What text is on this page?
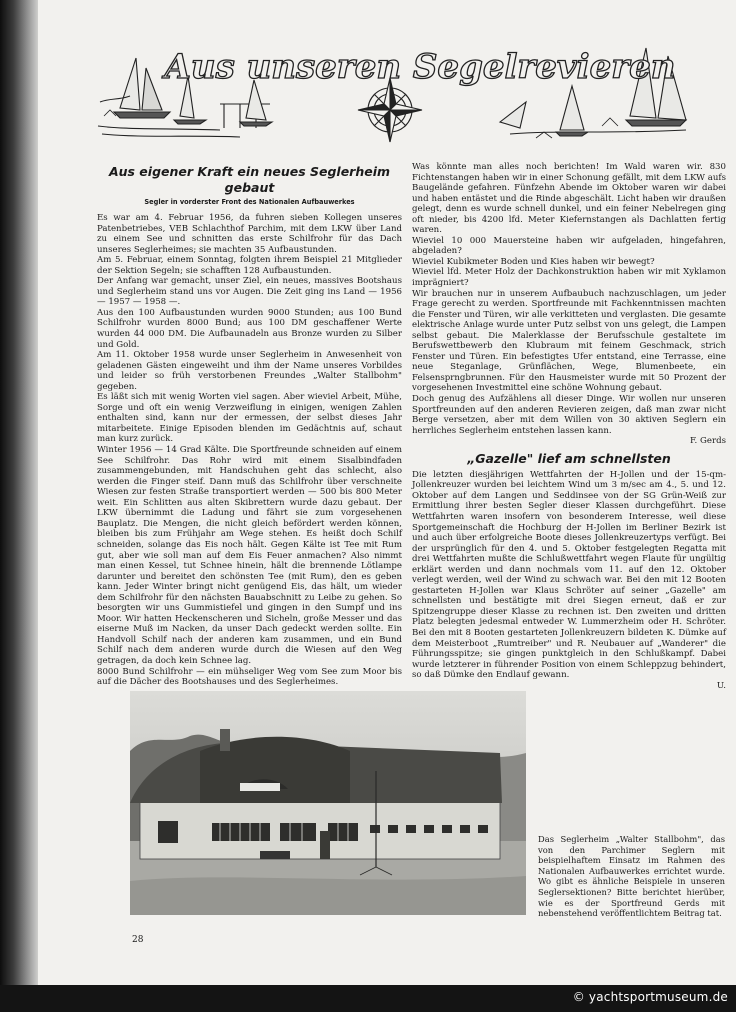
Aus unseren Segelrevieren
Aus eigener Kraft ein neues Seglerheim gebaut
Segler in vorderster Front des Nationalen Aufbauwerkes

Es war am 4. Februar 1956, da fuhren sieben Kollegen unseres Patenbetriebes, VEB Schlachthof Parchim, mit dem LKW über Land zu einem See und schnitten das erste Schilfrohr für das Dach unseres Seglerheimes; sie machten 35 Aufbaustunden.

Am 5. Februar, einem Sonntag, folgten ihrem Beispiel 21 Mitglieder der Sektion Segeln; sie schafften 128 Aufbaustunden.

Der Anfang war gemacht, unser Ziel, ein neues, massives Bootshaus und Seglerheim stand uns vor Augen. Die Zeit ging ins Land — 1956 — 1957 — 1958 —.

Aus den 100 Aufbaustunden wurden 9000 Stunden; aus 100 Bund Schilfrohr wurden 8000 Bund; aus 100 DM geschaffener Werte wurden 44 000 DM. Die Aufbaunadeln aus Bronze wurden zu Silber und Gold.

Am 11. Oktober 1958 wurde unser Seglerheim in Anwesenheit von geladenen Gästen eingeweiht und ihm der Name unseres Vorbildes und leider so früh verstorbenen Freundes „Walter Stallbohm" gegeben.

Es läßt sich mit wenig Worten viel sagen. Aber wieviel Arbeit, Mühe, Sorge und oft ein wenig Verzweiflung in einigen, wenigen Zahlen enthalten sind, kann nur der ermessen, der selbst dieses Jahr mitarbeitete. Einige Episoden blenden im Gedächtnis auf, schaut man kurz zurück.

Winter 1956 — 14 Grad Kälte. Die Sportfreunde schneiden auf einem See Schilfrohr. Das Rohr wird mit einem Sisalbindfaden zusammengebunden, mit Handschuhen geht das schlecht, also werden die Finger steif. Dann muß das Schilfrohr über verschneite Wiesen zur festen Straße transportiert werden — 500 bis 800 Meter weit. Ein Schlitten aus alten Skibrettern wurde dazu gebaut. Der LKW übernimmt die Ladung und fährt sie zum vorgesehenen Bauplatz. Die Mengen, die nicht gleich befördert werden können, bleiben bis zum Frühjahr am Wege stehen. Es heißt doch Schilf schneiden, solange das Eis noch hält. Gegen Kälte ist Tee mit Rum gut, aber wie soll man auf dem Eis Feuer anmachen? Also nimmt man einen Kessel, tut Schnee hinein, hält die brennende Lötlampe darunter und bereitet den schönsten Tee (mit Rum), den es geben kann. Jeder Winter bringt nicht genügend Eis, das hält, um wieder dem Schilfrohr für den nächsten Bauabschnitt zu Leibe zu gehen. So besorgten wir uns Gummistiefel und gingen in den Sumpf und ins Moor. Wir hatten Heckenscheren und Sicheln, große Messer und das eiserne Muß im Nacken, da unser Dach gedeckt werden sollte. Ein Handvoll Schilf nach der anderen kam zusammen, und ein Bund Schilf nach dem anderen wurde durch die Wiesen auf den Weg getragen, da doch kein Schnee lag.

8000 Bund Schilfrohr — ein mühseliger Weg vom See zum Moor bis auf die Dächer des Bootshauses und des Seglerheimes.

Was könnte man alles noch berichten! Im Wald waren wir. 830 Fichtenstangen haben wir in einer Schonung gefällt, mit dem LKW aufs Baugelände gefahren. Fünfzehn Abende im Oktober waren wir dabei und haben entästet und die Rinde abgeschält. Licht haben wir draußen gelegt, denn es wurde schnell dunkel, und ein feiner Nebelregen ging oft nieder, bis 4200 lfd. Meter Kiefernstangen als Dachlatten fertig waren.

Wieviel 10 000 Mauersteine haben wir aufgeladen, hingefahren, abgeladen?

Wieviel Kubikmeter Boden und Kies haben wir bewegt?

Wieviel lfd. Meter Holz der Dachkonstruktion haben wir mit Xyklamon imprägniert?

Wir brauchen nur in unserem Aufbaubuch nachzuschlagen, um jeder Frage gerecht zu werden. Sportfreunde mit Fachkenntnissen machten die Fenster und Türen, wir alle verkitteten und verglasten. Die gesamte elektrische Anlage wurde unter Putz selbst von uns gelegt, die Lampen selbst gebaut. Die Malerklasse der Berufsschule gestaltete im Berufswettbewerb den Klubraum mit feinem Geschmack, strich Fenster und Türen. Ein befestigtes Ufer entstand, eine Terrasse, eine neue Steganlage, Grünflächen, Wege, Blumenbeete, ein Felsensprngbrunnen. Für den Hausmeister wurde mit 50 Prozent der vorgesehenen Investmittel eine schöne Wohnung gebaut.

Doch genug des Aufzählens all dieser Dinge. Wir wollen nur unseren Sportfreunden auf den anderen Revieren zeigen, daß man zwar nicht Berge versetzen, aber mit dem Willen von 30 aktiven Seglern ein herrliches Seglerheim entstehen lassen kann.

F. Gerds

„Gazelle" lief am schnellsten

Die letzten diesjährigen Wettfahrten der H-Jollen und der 15-qm-Jollenkreuzer wurden bei leichtem Wind um 3 m/sec am 4., 5. und 12. Oktober auf dem Langen und Seddinsee von der SG Grün-Weiß zur Ermittlung ihrer besten Segler dieser Klassen durchgeführt. Diese Wettfahrten waren insofern von besonderem Interesse, weil diese Sportgemeinschaft die Hochburg der H-Jollen im Berliner Bezirk ist und auch über erfolgreiche Boote dieses Jollenkreuzertyps verfügt. Bei der ursprünglich für den 4. und 5. Oktober festgelegten Regatta mit drei Wettfahrten mußte die Schlußwettfahrt wegen Flaute für ungültig erklärt werden und dann nochmals vom 11. auf den 12. Oktober verlegt werden, weil der Wind zu schwach war. Bei den mit 12 Booten gestarteten H-Jollen war Klaus Schröter auf seiner „Gazelle" am schnellsten und bestätigte mit drei Siegen erneut, daß er zur Spitzengruppe dieser Klasse zu rechnen ist. Den zweiten und dritten Platz belegten jedesmal entweder W. Lummerzheim oder H. Schröter. Bei den mit 8 Booten gestarteten Jollenkreuzern bildeten K. Dümke auf dem Meisterboot „Rumtreiber" und R. Neubauer auf „Wanderer" die Führungsspitze; sie gingen punktgleich in den Schlußkampf. Dabei wurde letzterer in führender Position von einem Schleppzug behindert, so daß Dümke den Endlauf gewann.

U.

Das Seglerheim „Walter Stallbohm", das von den Parchimer Seglern mit beispielhaftem Einsatz im Rahmen des Nationalen Aufbauwerkes errichtet wurde. Wo gibt es ähnliche Beispiele in unseren Seglersektionen? Bitte berichtet hierüber, wie es der Sportfreund Gerds mit nebenstehend veröffentlichtem Beitrag tat.
28
© yachtsportmuseum.de
